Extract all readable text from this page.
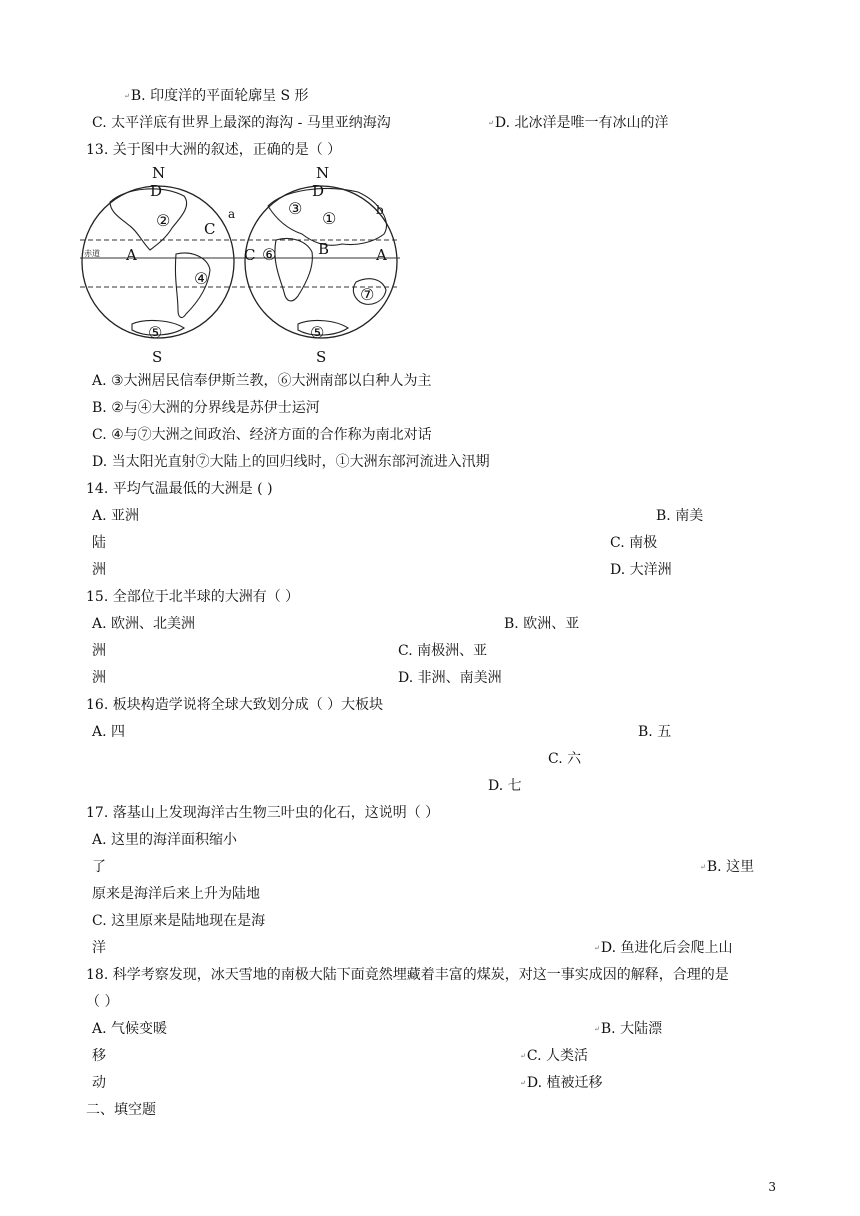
↵B. 印度洋的平面轮廓呈 S 形
C. 太平洋底有世界上最深的海沟 - 马里亚纳海沟	↵D. 北冰洋是唯一有冰山的洋
13. 关于图中大洲的叙述，正确的是（ ）
N	N
S	S
D	D
A	A
C
C	B
a	b
赤道
②
④
⑤
①
③
⑥
⑦
⑤
A. ③大洲居民信奉伊斯兰教，⑥大洲南部以白种人为主
B. ②与④大洲的分界线是苏伊士运河
C. ④与⑦大洲之间政治、经济方面的合作称为南北对话
D. 当太阳光直射⑦大陆上的回归线时，①大洲东部河流进入汛期
14. 平均气温最低的大洲是 ( )
A. 亚洲	B. 南美
陆	C. 南极
洲	D. 大洋洲
15. 全部位于北半球的大洲有（ ）
A. 欧洲、北美洲	B. 欧洲、亚
洲	C. 南极洲、亚
洲	D. 非洲、南美洲
16. 板块构造学说将全球大致划分成（ ）大板块
A. 四	B. 五
C. 六
D. 七
17. 落基山上发现海洋古生物三叶虫的化石，这说明（ ）
A. 这里的海洋面积缩小
了	↵B. 这里
原来是海洋后来上升为陆地
C. 这里原来是陆地现在是海
洋	↵D. 鱼进化后会爬上山
18. 科学考察发现，冰天雪地的南极大陆下面竟然埋藏着丰富的煤炭，对这一事实成因的解释，合理的是
（ ）
A. 气候变暖	↵B. 大陆漂
移	↵C. 人类活
动	↵D. 植被迁移
二、填空题
3
